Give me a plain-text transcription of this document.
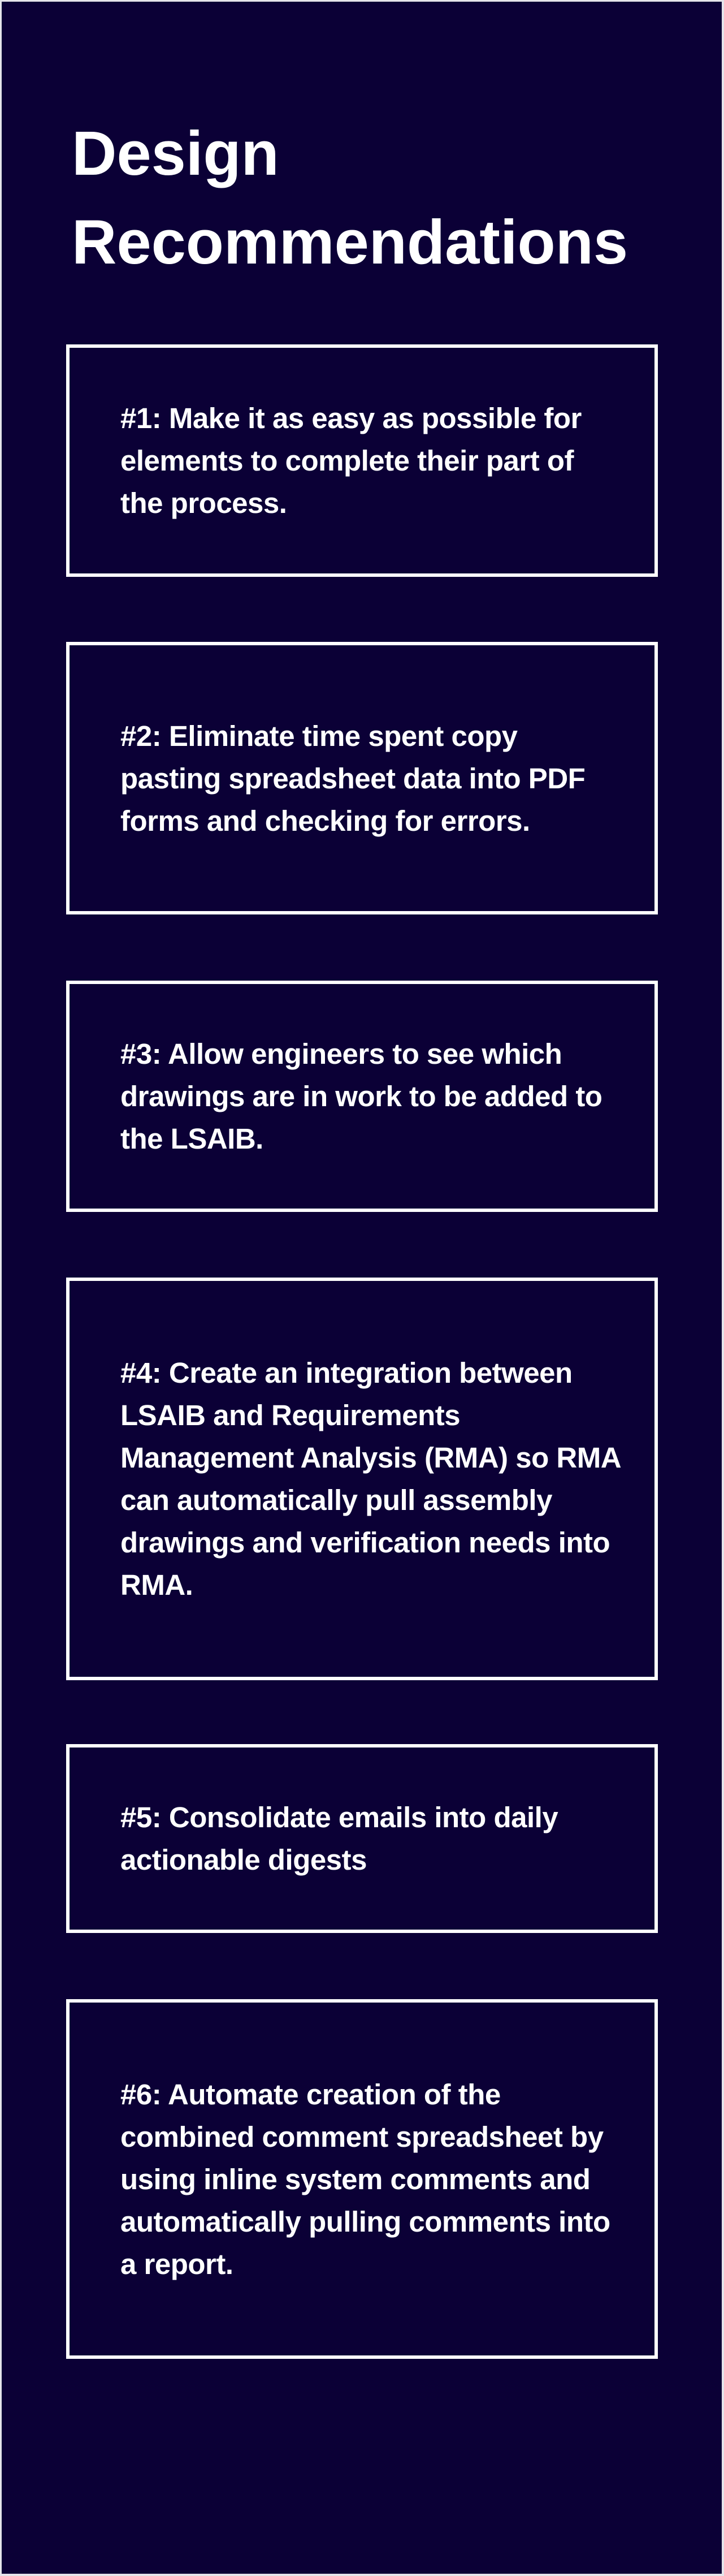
Design
Recommendations

#1: Make it as easy as possible for elements to complete their part of the process.

#2: Eliminate time spent copy pasting spreadsheet data into PDF forms and checking for errors.

#3: Allow engineers to see which drawings are in work to be added to the LSAIB.

#4: Create an integration between LSAIB and Requirements Management Analysis (RMA) so RMA can automatically pull assembly drawings and verification needs into RMA.

#5: Consolidate emails into daily actionable digests

#6: Automate creation of the combined comment spreadsheet by using inline system comments and automatically pulling comments into a report.
